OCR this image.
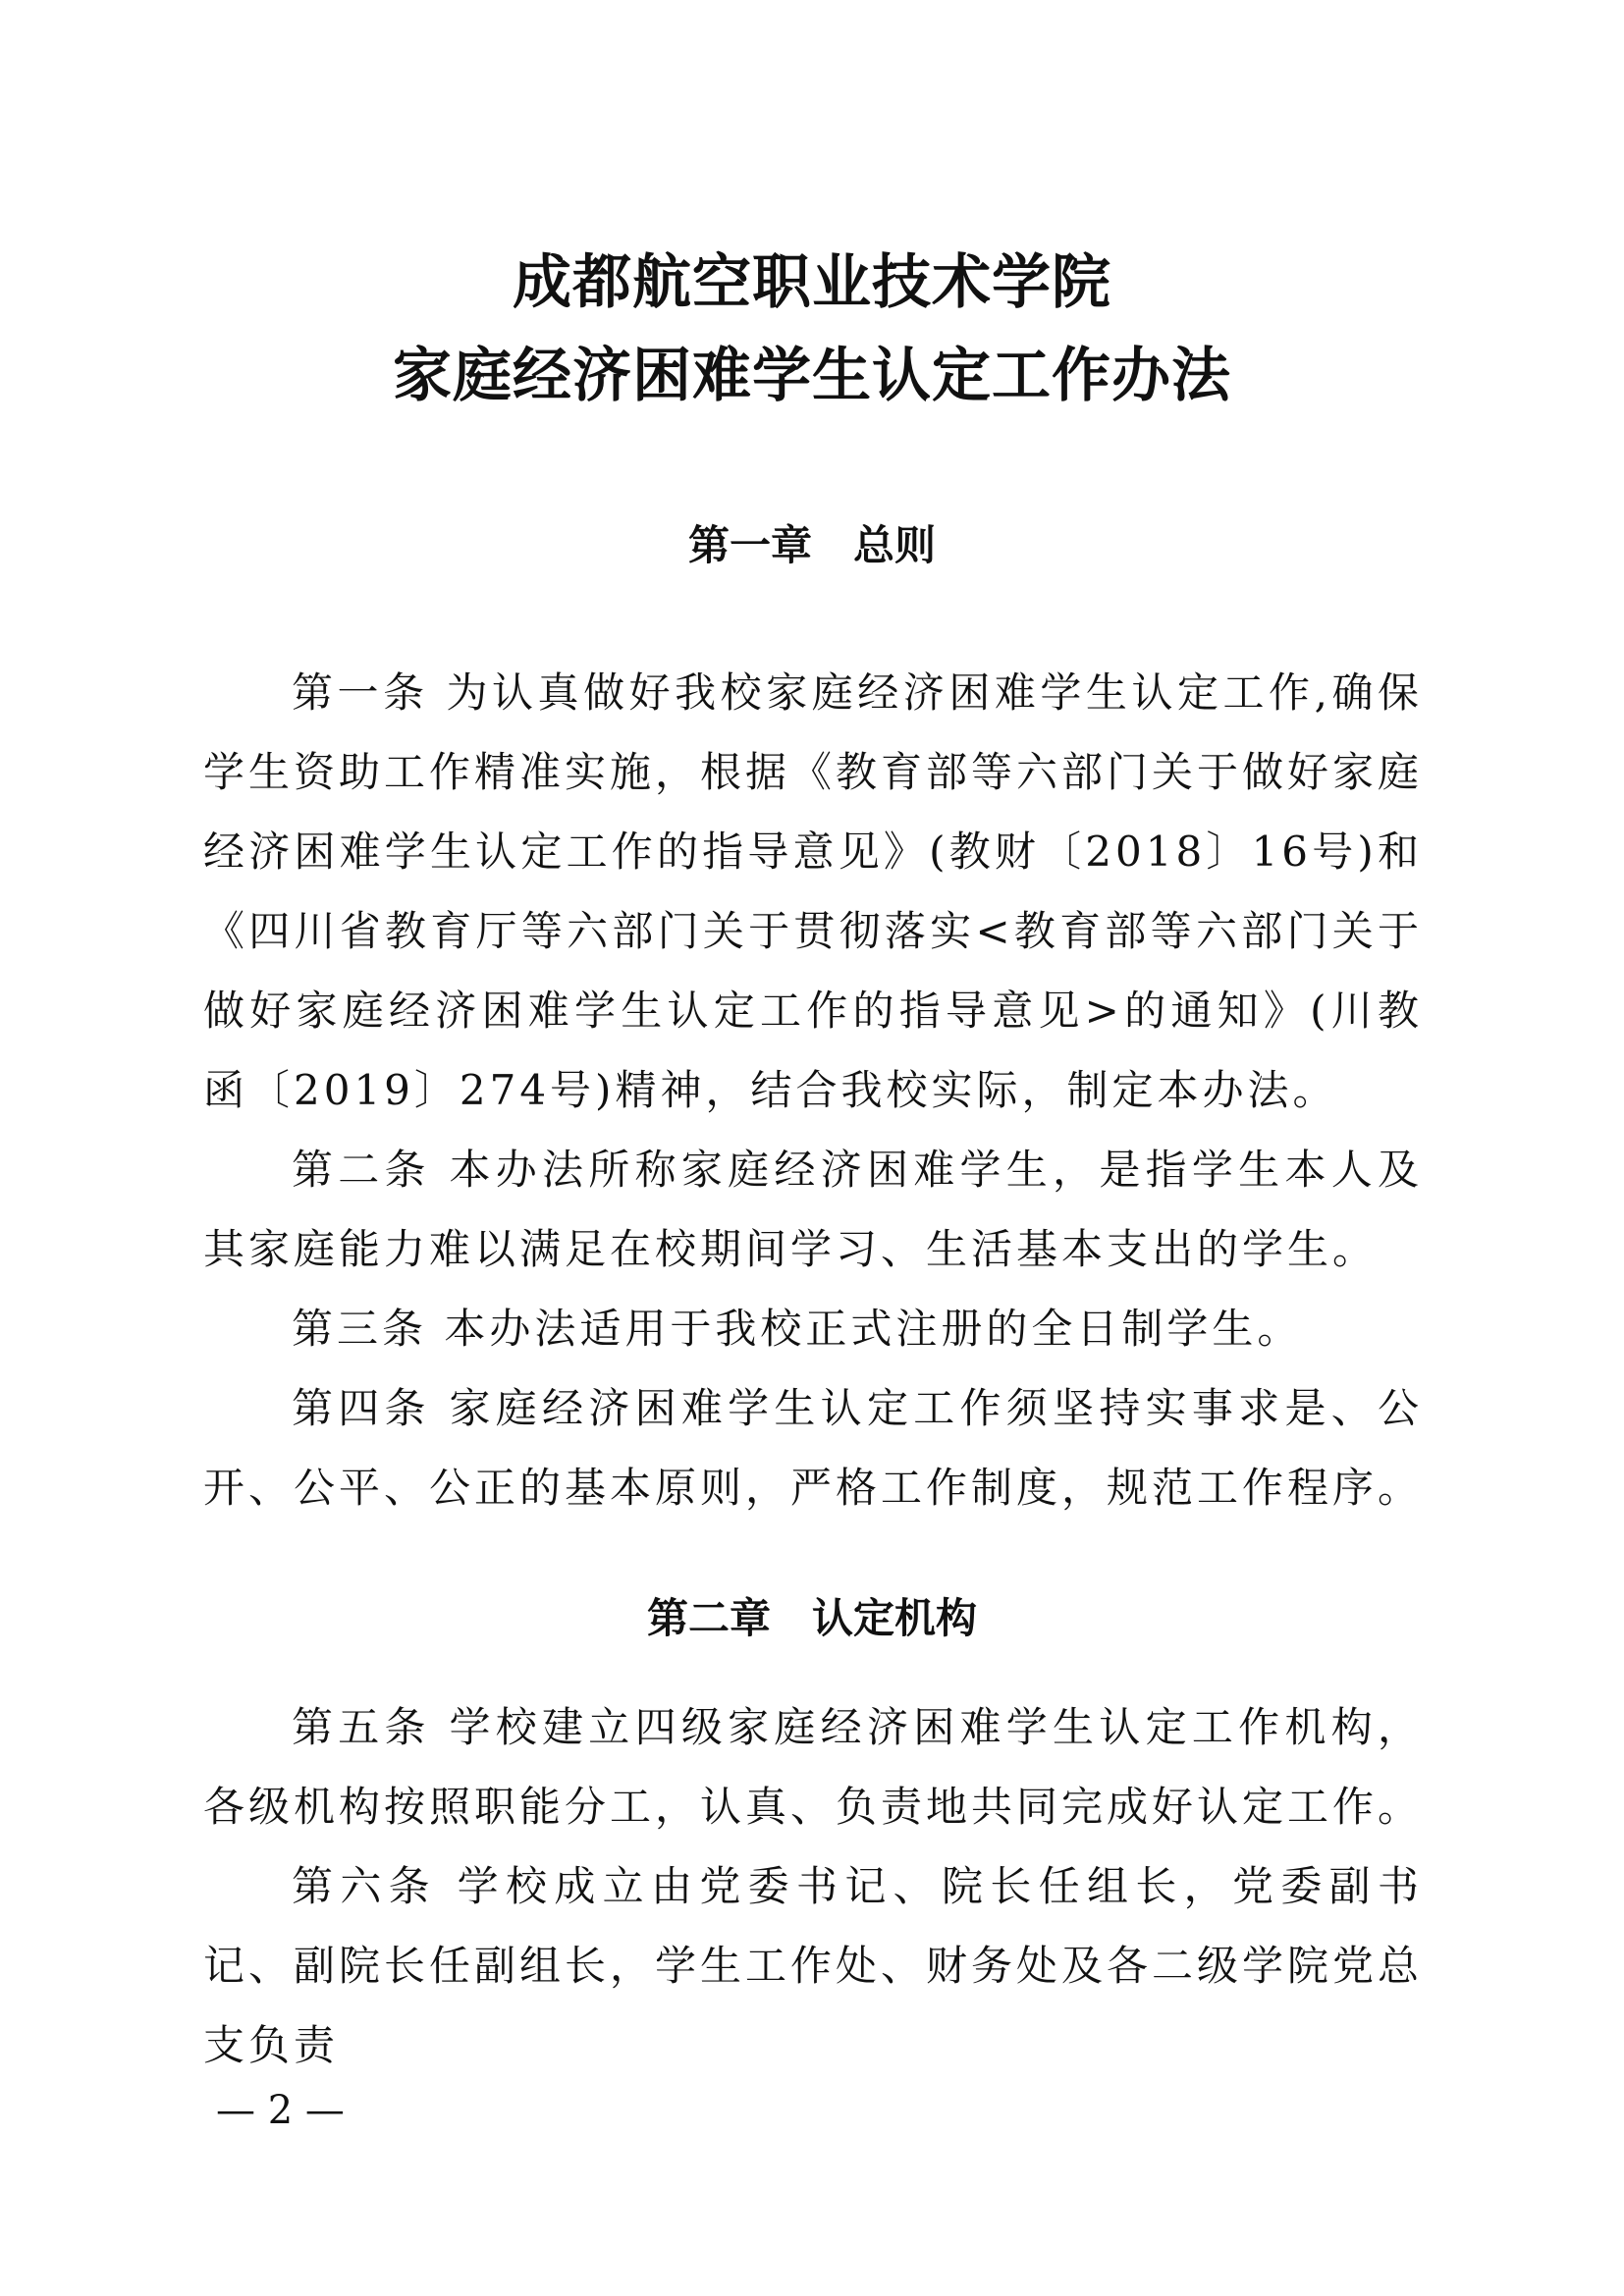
成都航空职业技术学院
家庭经济困难学生认定工作办法
第一章　总则

第一条 为认真做好我校家庭经济困难学生认定工作,确保学生资助工作精准实施，根据《教育部等六部门关于做好家庭经济困难学生认定工作的指导意见》(教财〔2018〕16号)和《四川省教育厅等六部门关于贯彻落实<教育部等六部门关于做好家庭经济困难学生认定工作的指导意见>的通知》(川教函〔2019〕274号)精神，结合我校实际，制定本办法。

第二条 本办法所称家庭经济困难学生，是指学生本人及其家庭能力难以满足在校期间学习、生活基本支出的学生。

第三条 本办法适用于我校正式注册的全日制学生。

第四条 家庭经济困难学生认定工作须坚持实事求是、公开、公平、公正的基本原则，严格工作制度，规范工作程序。

第二章　认定机构

第五条 学校建立四级家庭经济困难学生认定工作机构，各级机构按照职能分工，认真、负责地共同完成好认定工作。

第六条 学校成立由党委书记、院长任组长，党委副书记、副院长任副组长，学生工作处、财务处及各二级学院党总支负责

— 2 —
